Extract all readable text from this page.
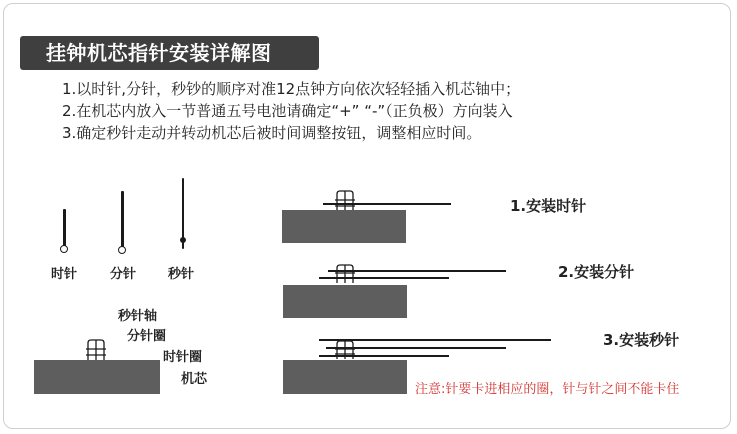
挂钟机芯指针安装详解图
1.以时针,分针，秒钞的顺序对准12点钟方向依次轻轻插入机芯铀中；
2.在机芯内放入一节普通五号电池请确定“+” “-”（正负极）方向装入
3.确定秒针走动并转动机芯后被时间调整按钮，调整相应时间。
时针	分针 秒针
秒针轴
分针圈
时针圈
机芯
1.安装时针
2.安装分针
3.安装秒针
注意:针要卡进相应的圈，针与针之间不能卡住
